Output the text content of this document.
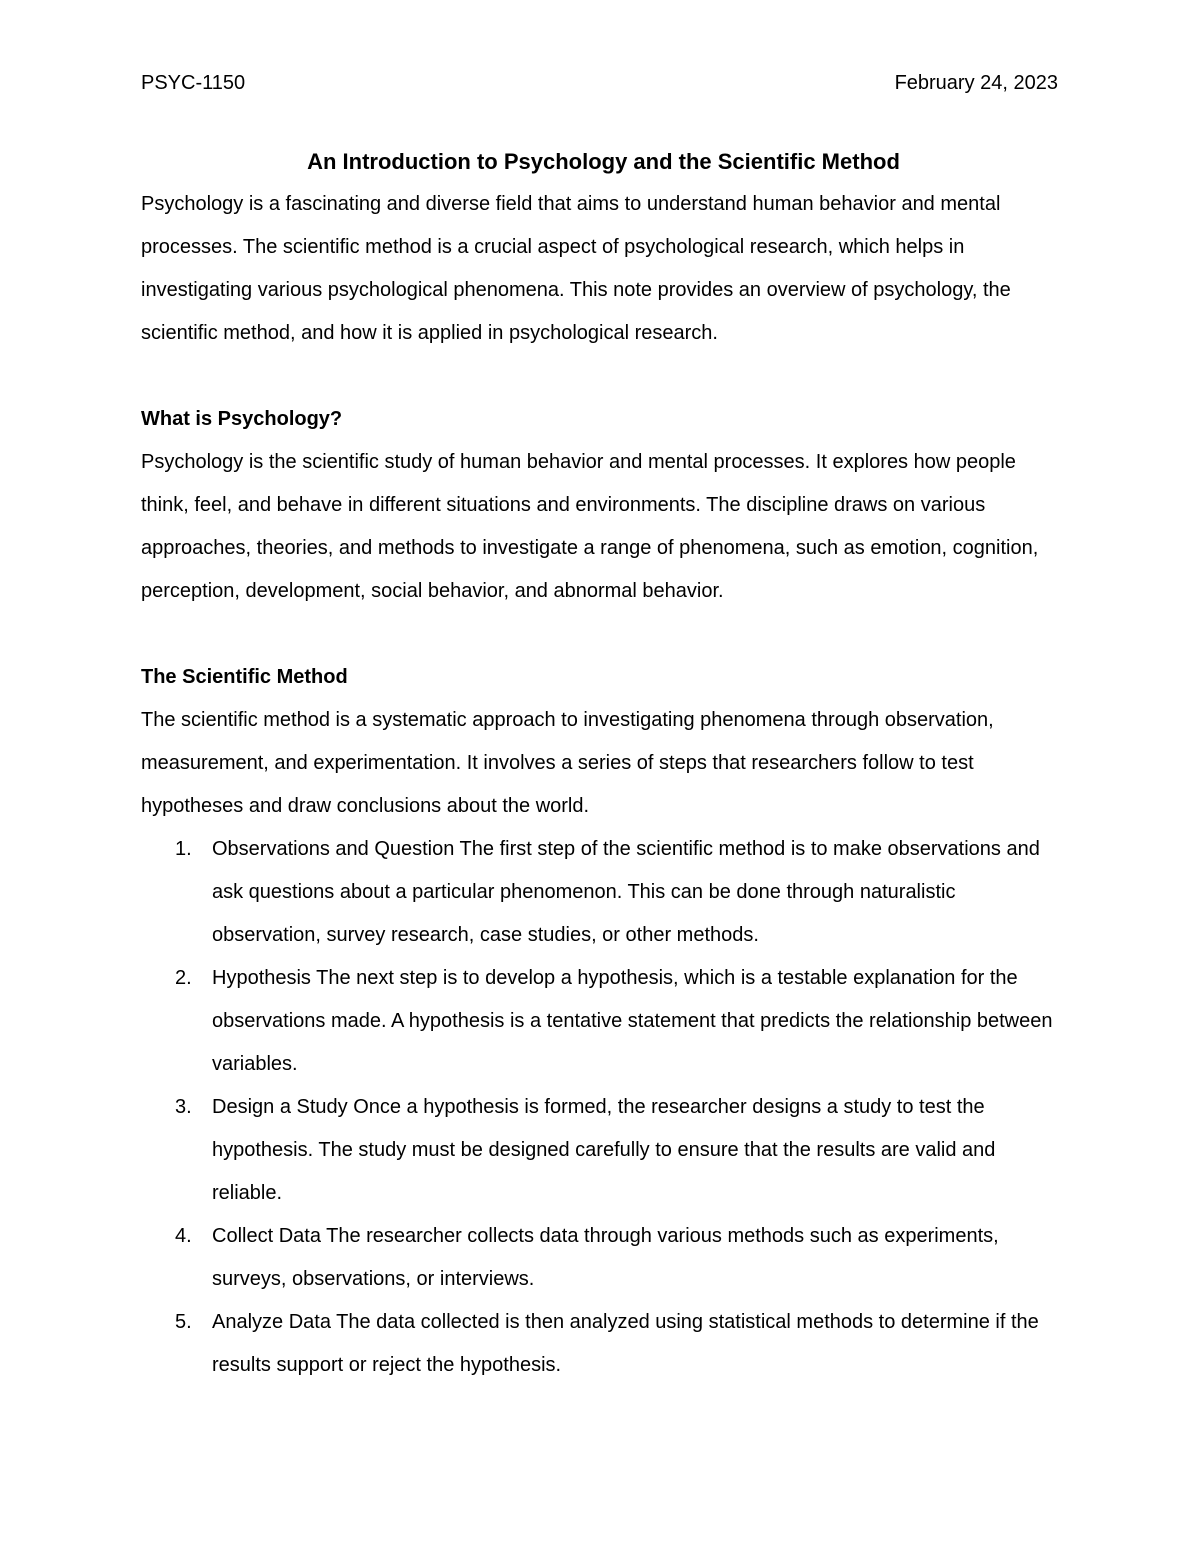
PSYC-1150	February 24, 2023
An Introduction to Psychology and the Scientific Method

Psychology is a fascinating and diverse field that aims to understand human behavior and mental processes. The scientific method is a crucial aspect of psychological research, which helps in investigating various psychological phenomena. This note provides an overview of psychology, the scientific method, and how it is applied in psychological research.

What is Psychology?

Psychology is the scientific study of human behavior and mental processes. It explores how people think, feel, and behave in different situations and environments. The discipline draws on various approaches, theories, and methods to investigate a range of phenomena, such as emotion, cognition, perception, development, social behavior, and abnormal behavior.

The Scientific Method

The scientific method is a systematic approach to investigating phenomena through observation, measurement, and experimentation. It involves a series of steps that researchers follow to test hypotheses and draw conclusions about the world.

1. Observations and Question The first step of the scientific method is to make observations and ask questions about a particular phenomenon. This can be done through naturalistic observation, survey research, case studies, or other methods.
2. Hypothesis The next step is to develop a hypothesis, which is a testable explanation for the observations made. A hypothesis is a tentative statement that predicts the relationship between variables.
3. Design a Study Once a hypothesis is formed, the researcher designs a study to test the hypothesis. The study must be designed carefully to ensure that the results are valid and reliable.
4. Collect Data The researcher collects data through various methods such as experiments, surveys, observations, or interviews.
5. Analyze Data The data collected is then analyzed using statistical methods to determine if the results support or reject the hypothesis.
